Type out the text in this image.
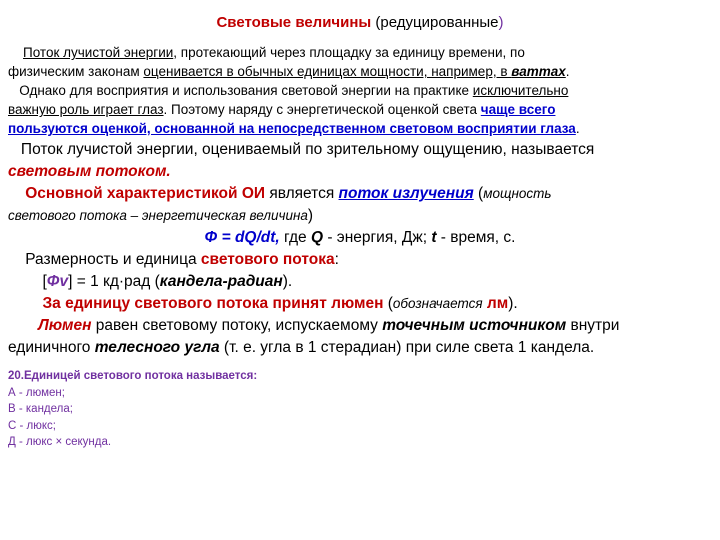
Световые величины (редуцированные)
Поток лучистой энергии, протекающий через площадку за единицу времени, по
физическим законам оценивается в обычных единицах мощности, например, в ваттах.
Однако для восприятия и использования световой энергии на практике исключительно
важную роль играет глаз. Поэтому наряду с энергетической оценкой света чаще всего
пользуются оценкой, основанной на непосредственном световом восприятии глаза.
Поток лучистой энергии, оцениваемый по зрительному ощущению, называется
световым потоком.
Основной характеристикой ОИ является поток излучения (мощность
светового потока – энергетическая величина)
Φ = dQ/dt, где Q - энергия, Дж; t - время, с.
Размерность и единица светового потока:
[Φv] = 1 кд·рад (кандела-радиан).
За единицу светового потока принят люмен (обозначается лм).
Люмен равен световому потоку, испускаемому точечным источником внутри
единичного телесного угла (т. е. угла в 1 стерадиан) при силе света 1 кандела.
20.Единицей светового потока называется:
А - люмен;
В - кандела;
С - люкс;
Д - люкс × секунда.
